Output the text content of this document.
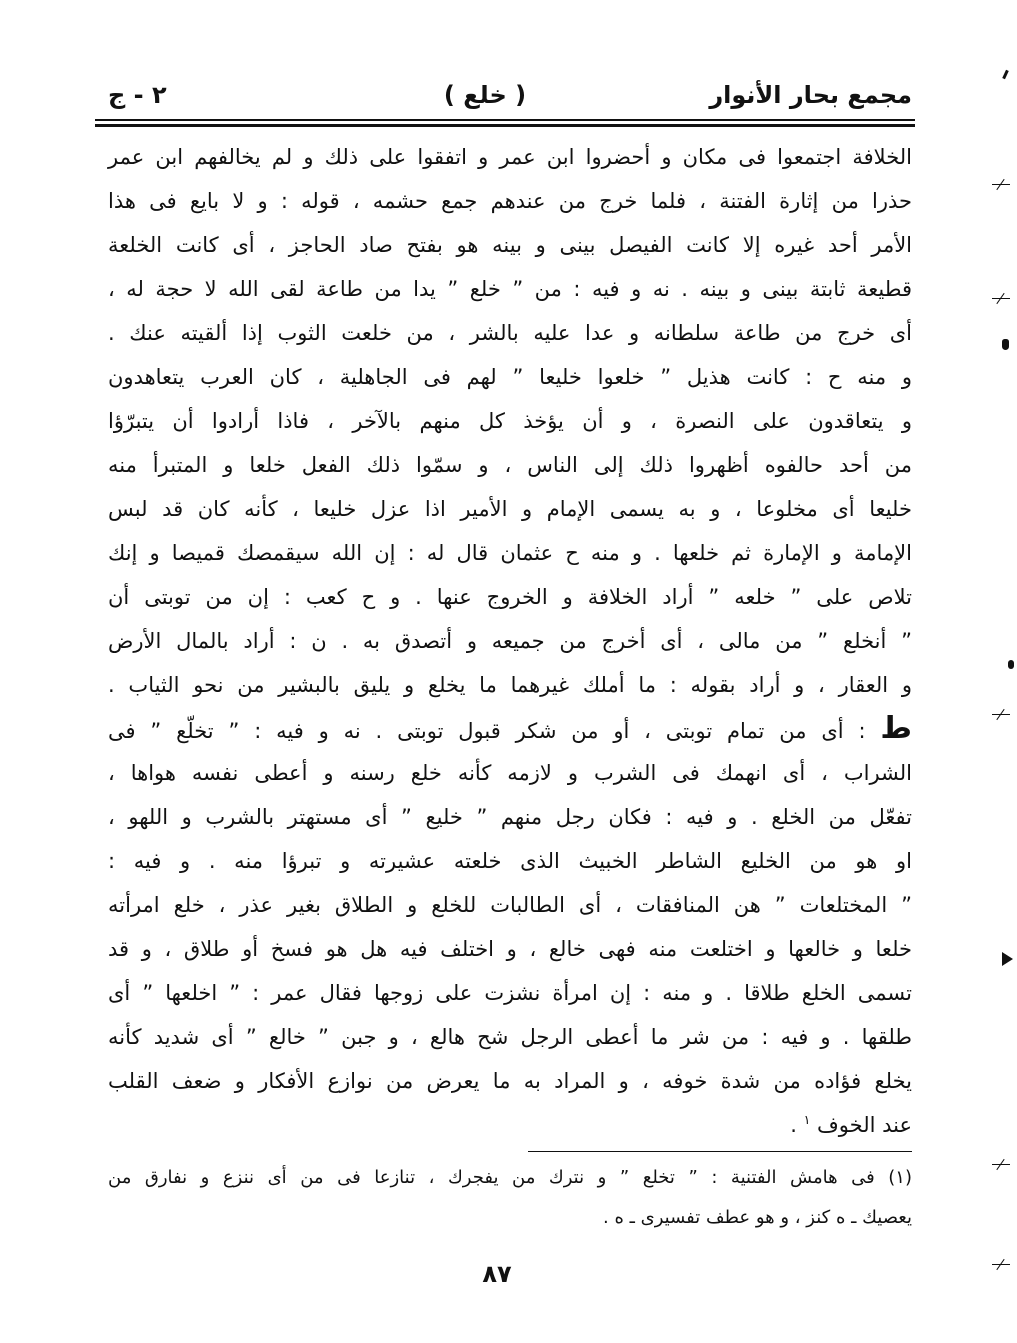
مجمع بحار الأنوار
( خلع )
ج - ٢
الخلافة اجتمعوا فى مكان و أحضروا ابن عمر و اتفقوا على ذلك و لم يخالفهم ابن عمر
حذرا من إثارة الفتنة ، فلما خرج من عندهم جمع حشمه ، قوله : و لا بايع فى هذا
الأمر أحد غيره إلا كانت الفيصل بينى و بينه هو بفتح صاد الحاجز ، أى كانت الخلعة
قطيعة ثابتة بينى و بينه . نه و فيه : من ” خلع ” يدا من طاعة لقى الله لا حجة له ،
أى خرج من طاعة سلطانه و عدا عليه بالشر ، من خلعت الثوب إذا ألقيته عنك .
و منه ح : كانت هذيل ” خلعوا خليعا ” لهم فى الجاهلية ، كان العرب يتعاهدون
و يتعاقدون على النصرة ، و أن يؤخذ كل منهم بالآخر ، فاذا أرادوا أن يتبرّؤا
من أحد حالفوه أظهروا ذلك إلى الناس ، و سمّوا ذلك الفعل خلعا و المتبرأ منه
خليعا أى مخلوعا ، و به يسمى الإمام و الأمير اذا عزل خليعا ، كأنه كان قد لبس
الإمامة و الإمارة ثم خلعها . و منه ح عثمان قال له : إن الله سيقمصك قميصا و إنك
تلاص على ” خلعه ” أراد الخلافة و الخروج عنها . و ح كعب : إن من توبتى أن
” أنخلع ” من مالى ، أى أخرج من جميعه و أتصدق به . ن : أراد بالمال الأرض
و العقار ، و أراد بقوله : ما أملك غيرهما ما يخلع و يليق بالبشير من نحو الثياب .
ط : أى من تمام توبتى ، أو من شكر قبول توبتى . نه و فيه : ” تخلّع ” فى
الشراب ، أى انهمك فى الشرب و لازمه كأنه خلع رسنه و أعطى نفسه هواها ،
تفعّل من الخلع . و فيه : فكان رجل منهم ” خليع ” أى مستهتر بالشرب و اللهو ،
او هو من الخليع الشاطر الخبيث الذى خلعته عشيرته و تبرؤا منه . و فيه :
” المختلعات ” هن المنافقات ، أى الطالبات للخلع و الطلاق بغير عذر ، خلع امرأته
خلعا و خالعها و اختلعت منه فهى خالع ، و اختلف فيه هل هو فسخ أو طلاق ، و قد
تسمى الخلع طلاقا . و منه : إن امرأة نشزت على زوجها فقال عمر : ” اخلعها ” أى
طلقها . و فيه : من شر ما أعطى الرجل شح هالع ، و جبن ” خالع ” أى شديد كأنه
يخلع فؤاده من شدة خوفه ، و المراد به ما يعرض من نوازع الأفكار و ضعف القلب
عند الخوف $^١$ .
(١) فى هامش الفتنية : ” تخلع ” و نترك من يفجرك ، تنازعا فى من أى ننزع و نفارق من
يعصيك ـ ه كنز ، و هو عطف تفسيرى ـ ه .
٨٧
